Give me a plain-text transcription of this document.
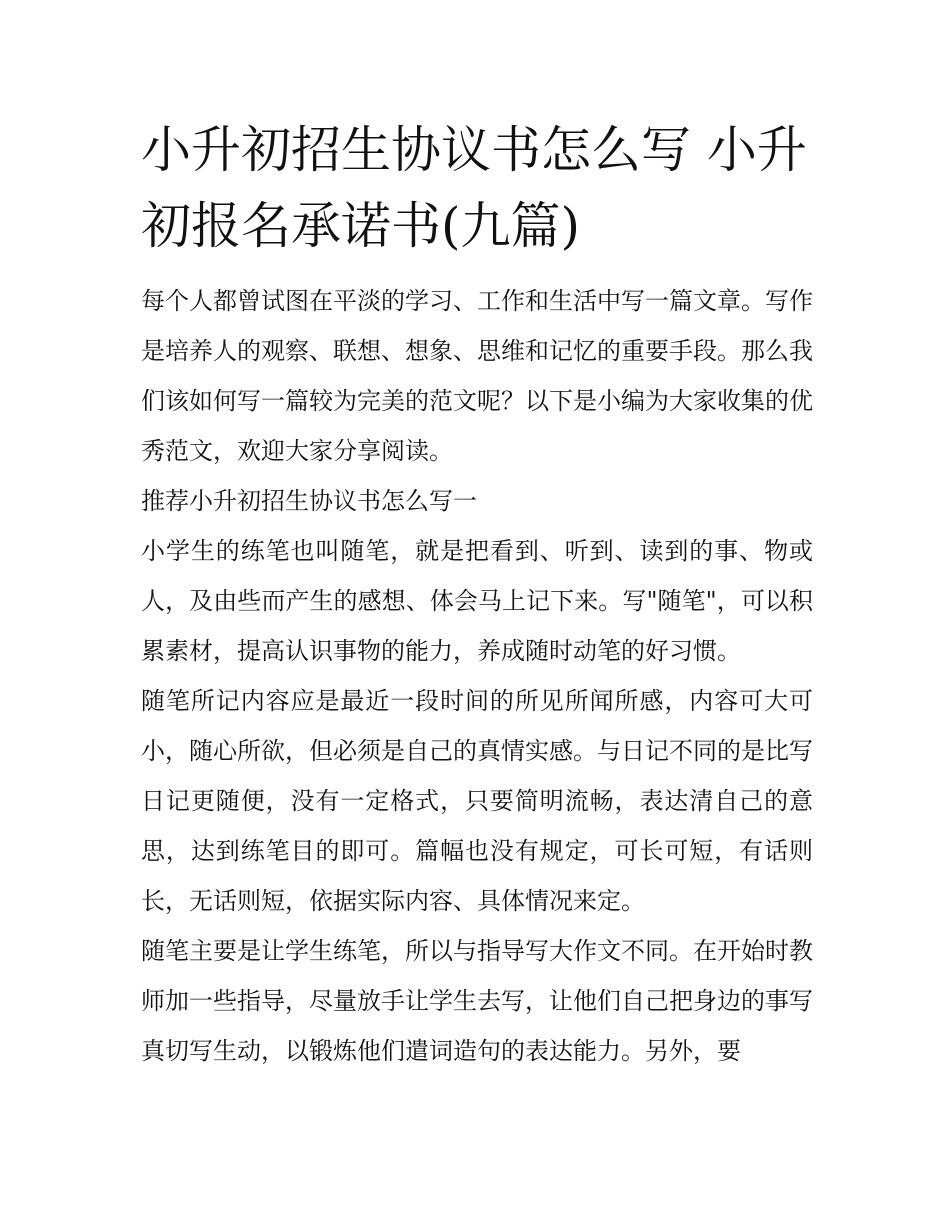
小升初招生协议书怎么写 小升初报名承诺书(九篇)

每个人都曾试图在平淡的学习、工作和生活中写一篇文章。写作是培养人的观察、联想、想象、思维和记忆的重要手段。那么我们该如何写一篇较为完美的范文呢？以下是小编为大家收集的优秀范文，欢迎大家分享阅读。

推荐小升初招生协议书怎么写一

小学生的练笔也叫随笔，就是把看到、听到、读到的事、物或人，及由些而产生的感想、体会马上记下来。写"随笔"，可以积累素材，提高认识事物的能力，养成随时动笔的好习惯。

随笔所记内容应是最近一段时间的所见所闻所感，内容可大可小，随心所欲，但必须是自己的真情实感。与日记不同的是比写日记更随便，没有一定格式，只要简明流畅，表达清自己的意思，达到练笔目的即可。篇幅也没有规定，可长可短，有话则长，无话则短，依据实际内容、具体情况来定。

随笔主要是让学生练笔，所以与指导写大作文不同。在开始时教师加一些指导，尽量放手让学生去写，让他们自己把身边的事写真切写生动，以锻炼他们遣词造句的表达能力。另外，要
